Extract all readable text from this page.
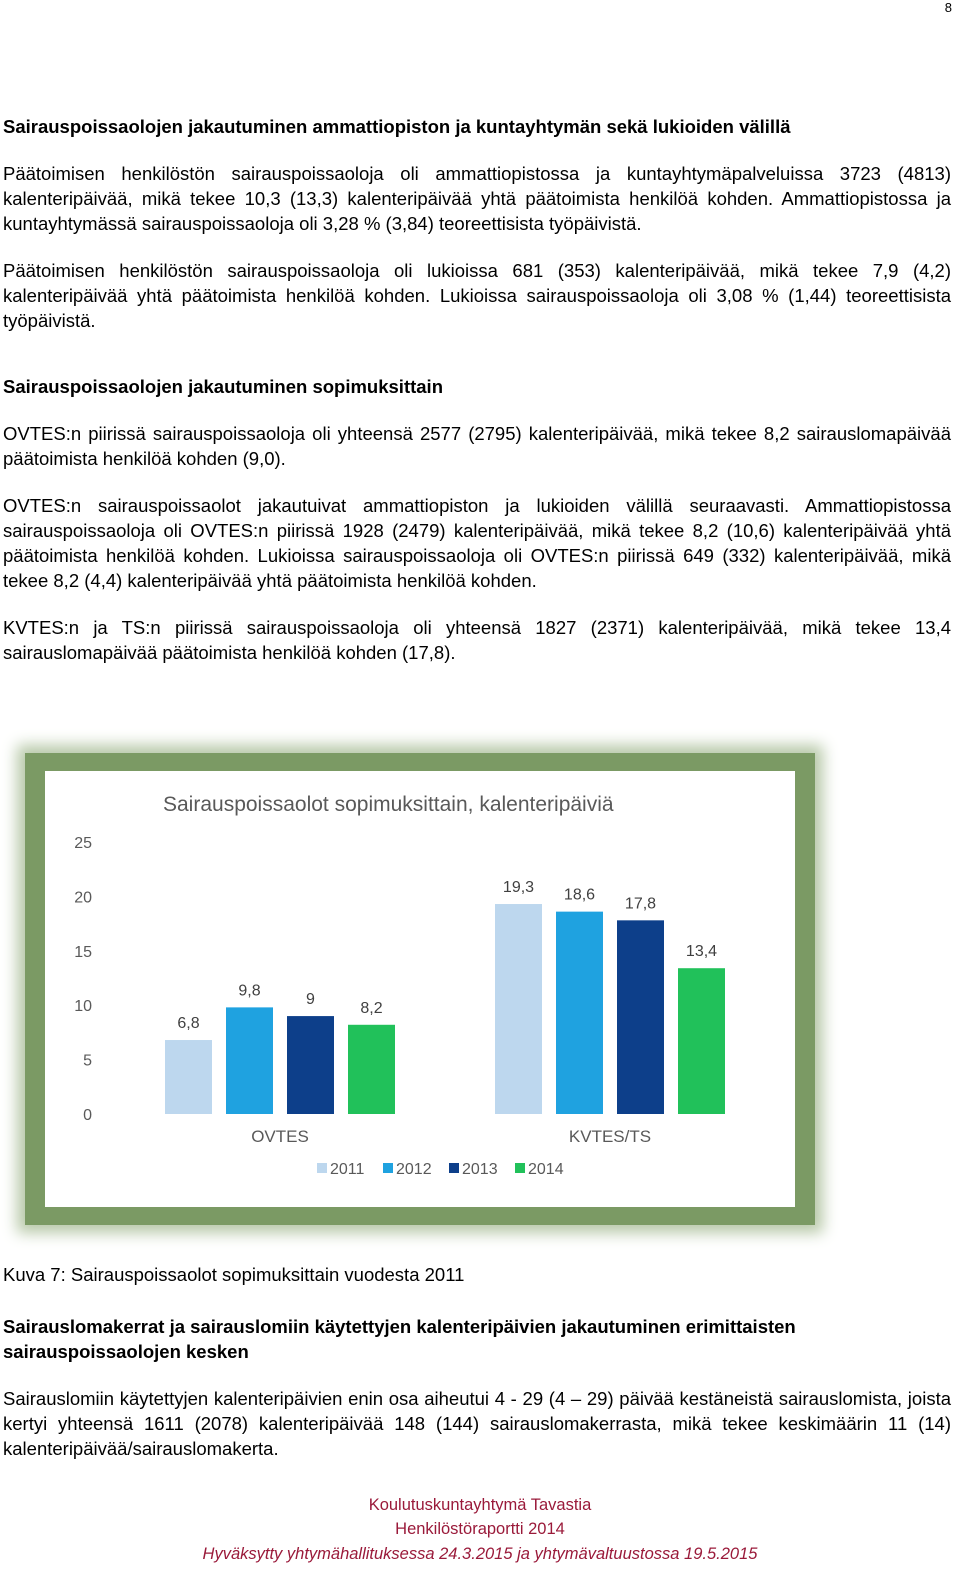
8
Sairauspoissaolojen jakautuminen ammattiopiston ja kuntayhtymän sekä lukioiden välillä

Päätoimisen henkilöstön sairauspoissaoloja oli ammattiopistossa ja kuntayhtymäpalveluissa 3723 (4813) kalenteripäivää, mikä tekee 10,3 (13,3) kalenteripäivää yhtä päätoimista henkilöä kohden. Ammattiopistossa ja kuntayhtymässä sairauspoissaoloja oli 3,28 % (3,84) teoreettisista työpäivistä.

Päätoimisen henkilöstön sairauspoissaoloja oli lukioissa 681 (353) kalenteripäivää, mikä tekee 7,9 (4,2) kalenteripäivää yhtä päätoimista henkilöä kohden. Lukioissa sairauspoissaoloja oli 3,08 % (1,44) teoreettisista työpäivistä.

Sairauspoissaolojen jakautuminen sopimuksittain

OVTES:n piirissä sairauspoissaoloja oli yhteensä 2577 (2795) kalenteripäivää, mikä tekee 8,2 sairauslomapäivää päätoimista henkilöä kohden (9,0).

OVTES:n sairauspoissaolot jakautuivat ammattiopiston ja lukioiden välillä seuraavasti. Ammattiopistossa sairauspoissaoloja oli OVTES:n piirissä 1928 (2479) kalenteripäivää, mikä tekee 8,2 (10,6) kalenteripäivää yhtä päätoimista henkilöä kohden. Lukioissa sairauspoissaoloja oli OVTES:n piirissä 649 (332) kalenteripäivää, mikä tekee 8,2 (4,4) kalenteripäivää yhtä päätoimista henkilöä kohden.

KVTES:n ja TS:n piirissä sairauspoissaoloja oli yhteensä 1827 (2371) kalenteripäivää, mikä tekee 13,4 sairauslomapäivää päätoimista henkilöä kohden (17,8).

Sairauspoissaolot sopimuksittain, kalenteripäiviä
0
5
10
15
20
25
6,8
9,8
9
8,2
19,3 18,6
17,8
13,4
OVTES	KVTES/TS
2011 2012 2013 2014
Kuva 7: Sairauspoissaolot sopimuksittain vuodesta 2011
Sairauslomakerrat ja sairauslomiin käytettyjen kalenteripäivien jakautuminen erimittaisten sairauspoissaolojen kesken

Sairauslomiin käytettyjen kalenteripäivien enin osa aiheutui 4 - 29 (4 – 29) päivää kestäneistä sairauslomista, joista kertyi yhteensä 1611 (2078) kalenteripäivää 148 (144) sairauslomakerrasta, mikä tekee keskimäärin 11 (14) kalenteripäivää/sairauslomakerta.

Koulutuskuntayhtymä Tavastia
Henkilöstöraportti 2014
Hyväksytty yhtymähallituksessa 24.3.2015 ja yhtymävaltuustossa 19.5.2015
